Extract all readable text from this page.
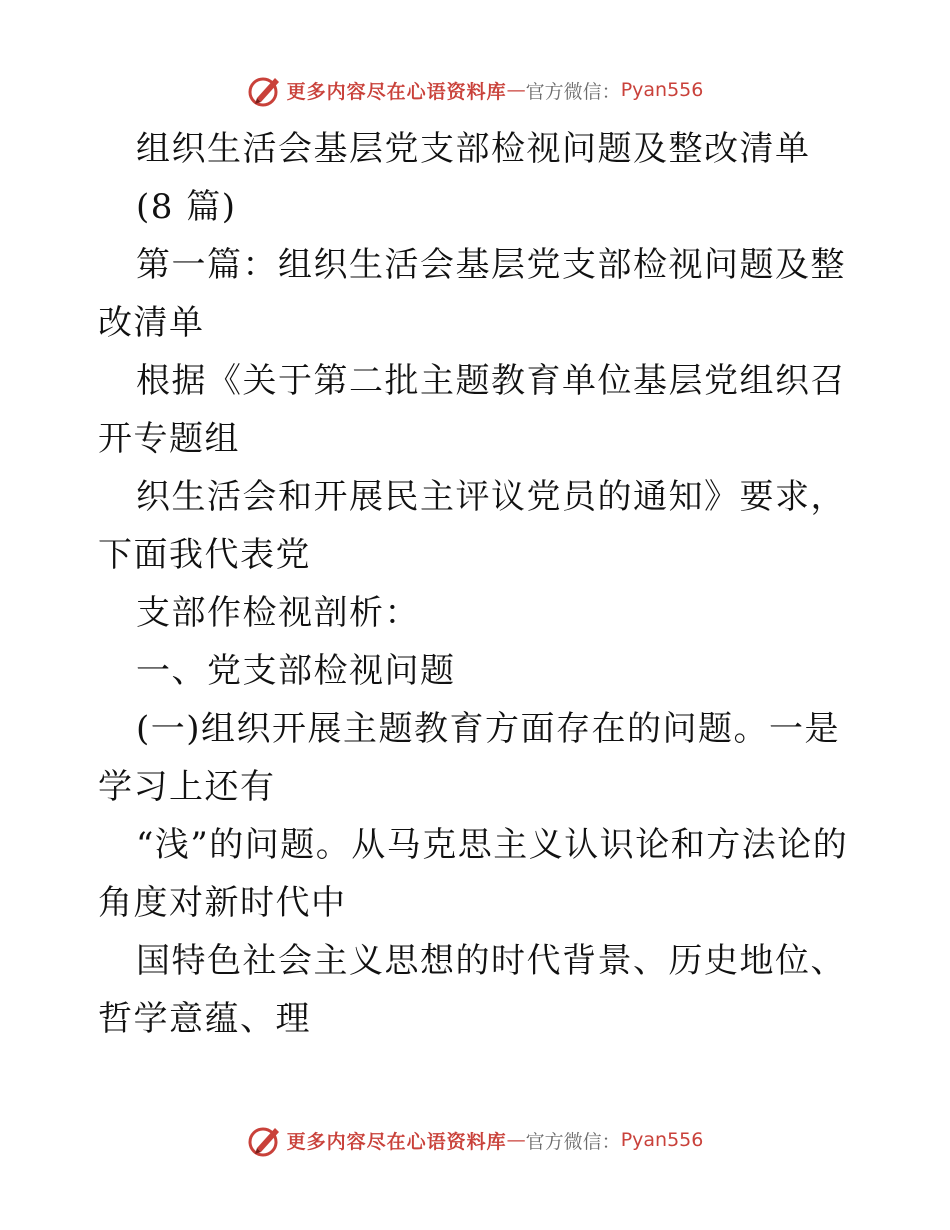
更多内容尽在心语资料库 — 官方微信： Pyan556

组织生活会基层党支部检视问题及整改清单

(8 篇)

第一篇：组织生活会基层党支部检视问题及整改清单

根据《关于第二批主题教育单位基层党组织召开专题组

织生活会和开展民主评议党员的通知》要求，下面我代表党

支部作检视剖析：

一、党支部检视问题

(一)组织开展主题教育方面存在的问题。一是学习上还有

“浅”的问题。从马克思主义认识论和方法论的角度对新时代中

国特色社会主义思想的时代背景、历史地位、哲学意蕴、理

更多内容尽在心语资料库 — 官方微信： Pyan556
